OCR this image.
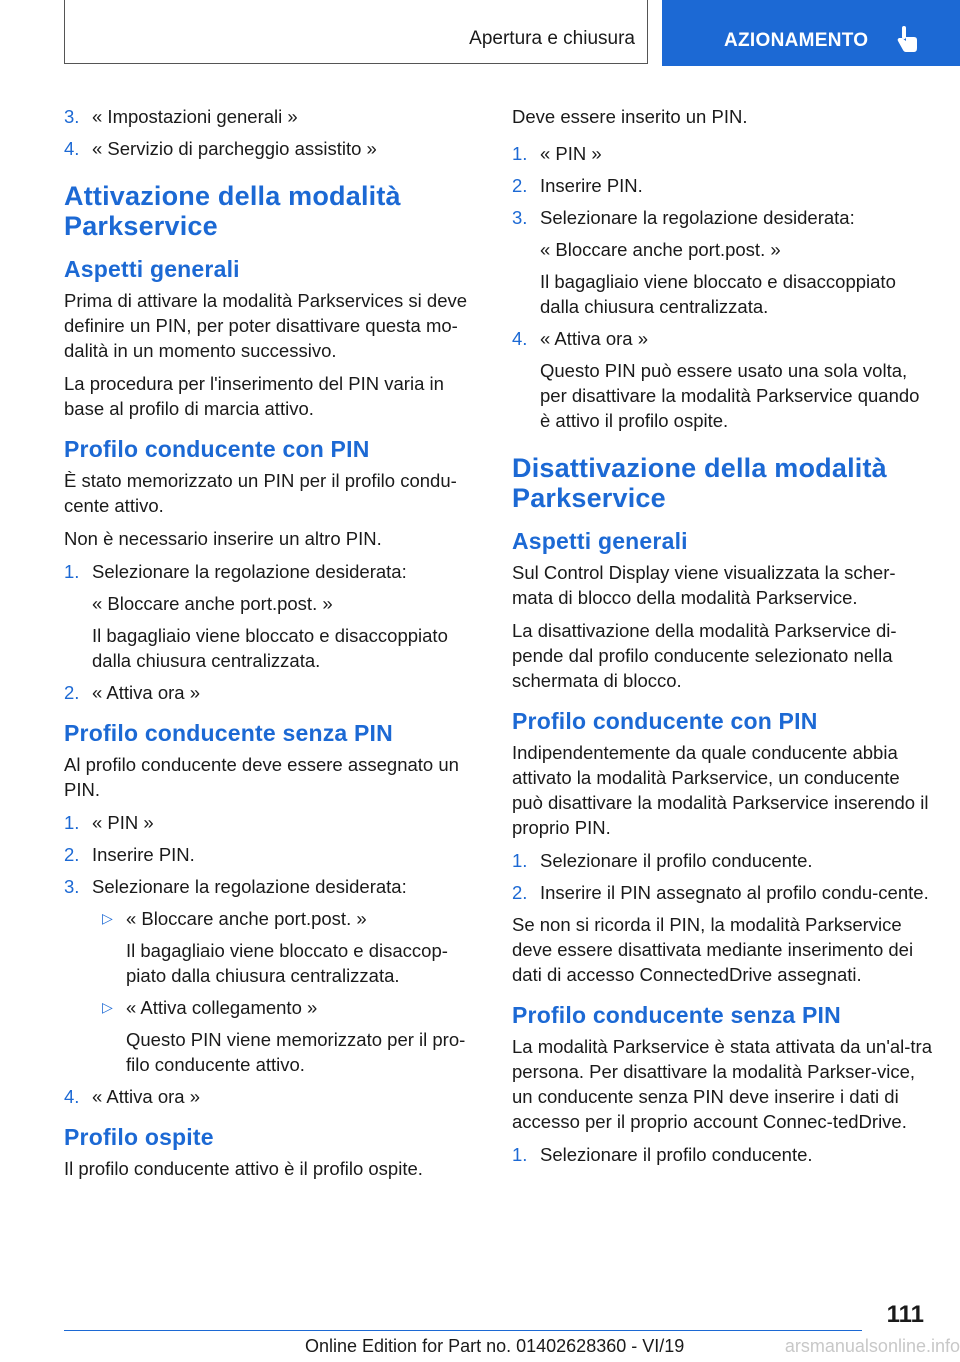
Apertura e chiusura	AZIONAMENTO
3. « Impostazioni generali »
4. « Servizio di parcheggio assistito »
Attivazione della modalità Parkservice
Aspetti generali

Prima di attivare la modalità Parkservices si deve definire un PIN, per poter disattivare questa mo‐dalità in un momento successivo.

La procedura per l'inserimento del PIN varia in base al profilo di marcia attivo.

Profilo conducente con PIN

È stato memorizzato un PIN per il profilo condu‐cente attivo.

Non è necessario inserire un altro PIN.

1. Selezionare la regolazione desiderata:
« Bloccare anche port.post. »
Il bagagliaio viene bloccato e disaccoppiato dalla chiusura centralizzata.
2. « Attiva ora »
Profilo conducente senza PIN

Al profilo conducente deve essere assegnato un PIN.

1. « PIN »
2. Inserire PIN.
3. Selezionare la regolazione desiderata:
▷ « Bloccare anche port.post. »
Il bagagliaio viene bloccato e disaccop‐piato dalla chiusura centralizzata.
▷ « Attiva collegamento »
Questo PIN viene memorizzato per il pro‐filo conducente attivo.
4. « Attiva ora »
Profilo ospite

Il profilo conducente attivo è il profilo ospite.

Deve essere inserito un PIN.

1. « PIN »
2. Inserire PIN.
3. Selezionare la regolazione desiderata:
« Bloccare anche port.post. »
Il bagagliaio viene bloccato e disaccoppiato dalla chiusura centralizzata.
4. « Attiva ora »
Questo PIN può essere usato una sola volta, per disattivare la modalità Parkservice quando è attivo il profilo ospite.
Disattivazione della modalità Parkservice
Aspetti generali

Sul Control Display viene visualizzata la scher‐mata di blocco della modalità Parkservice.

La disattivazione della modalità Parkservice di‐pende dal profilo conducente selezionato nella schermata di blocco.

Profilo conducente con PIN

Indipendentemente da quale conducente abbia attivato la modalità Parkservice, un conducente può disattivare la modalità Parkservice inserendo il proprio PIN.

1. Selezionare il profilo conducente.
2. Inserire il PIN assegnato al profilo condu‐cente.

Se non si ricorda il PIN, la modalità Parkservice deve essere disattivata mediante inserimento dei dati di accesso ConnectedDrive assegnati.

Profilo conducente senza PIN

La modalità Parkservice è stata attivata da un'al‐tra persona. Per disattivare la modalità Parkser‐vice, un conducente senza PIN deve inserire i dati di accesso per il proprio account Connec‐tedDrive.

1. Selezionare il profilo conducente.
111
Online Edition for Part no. 01402628360 - VI/19	arsmanualsonline.info
